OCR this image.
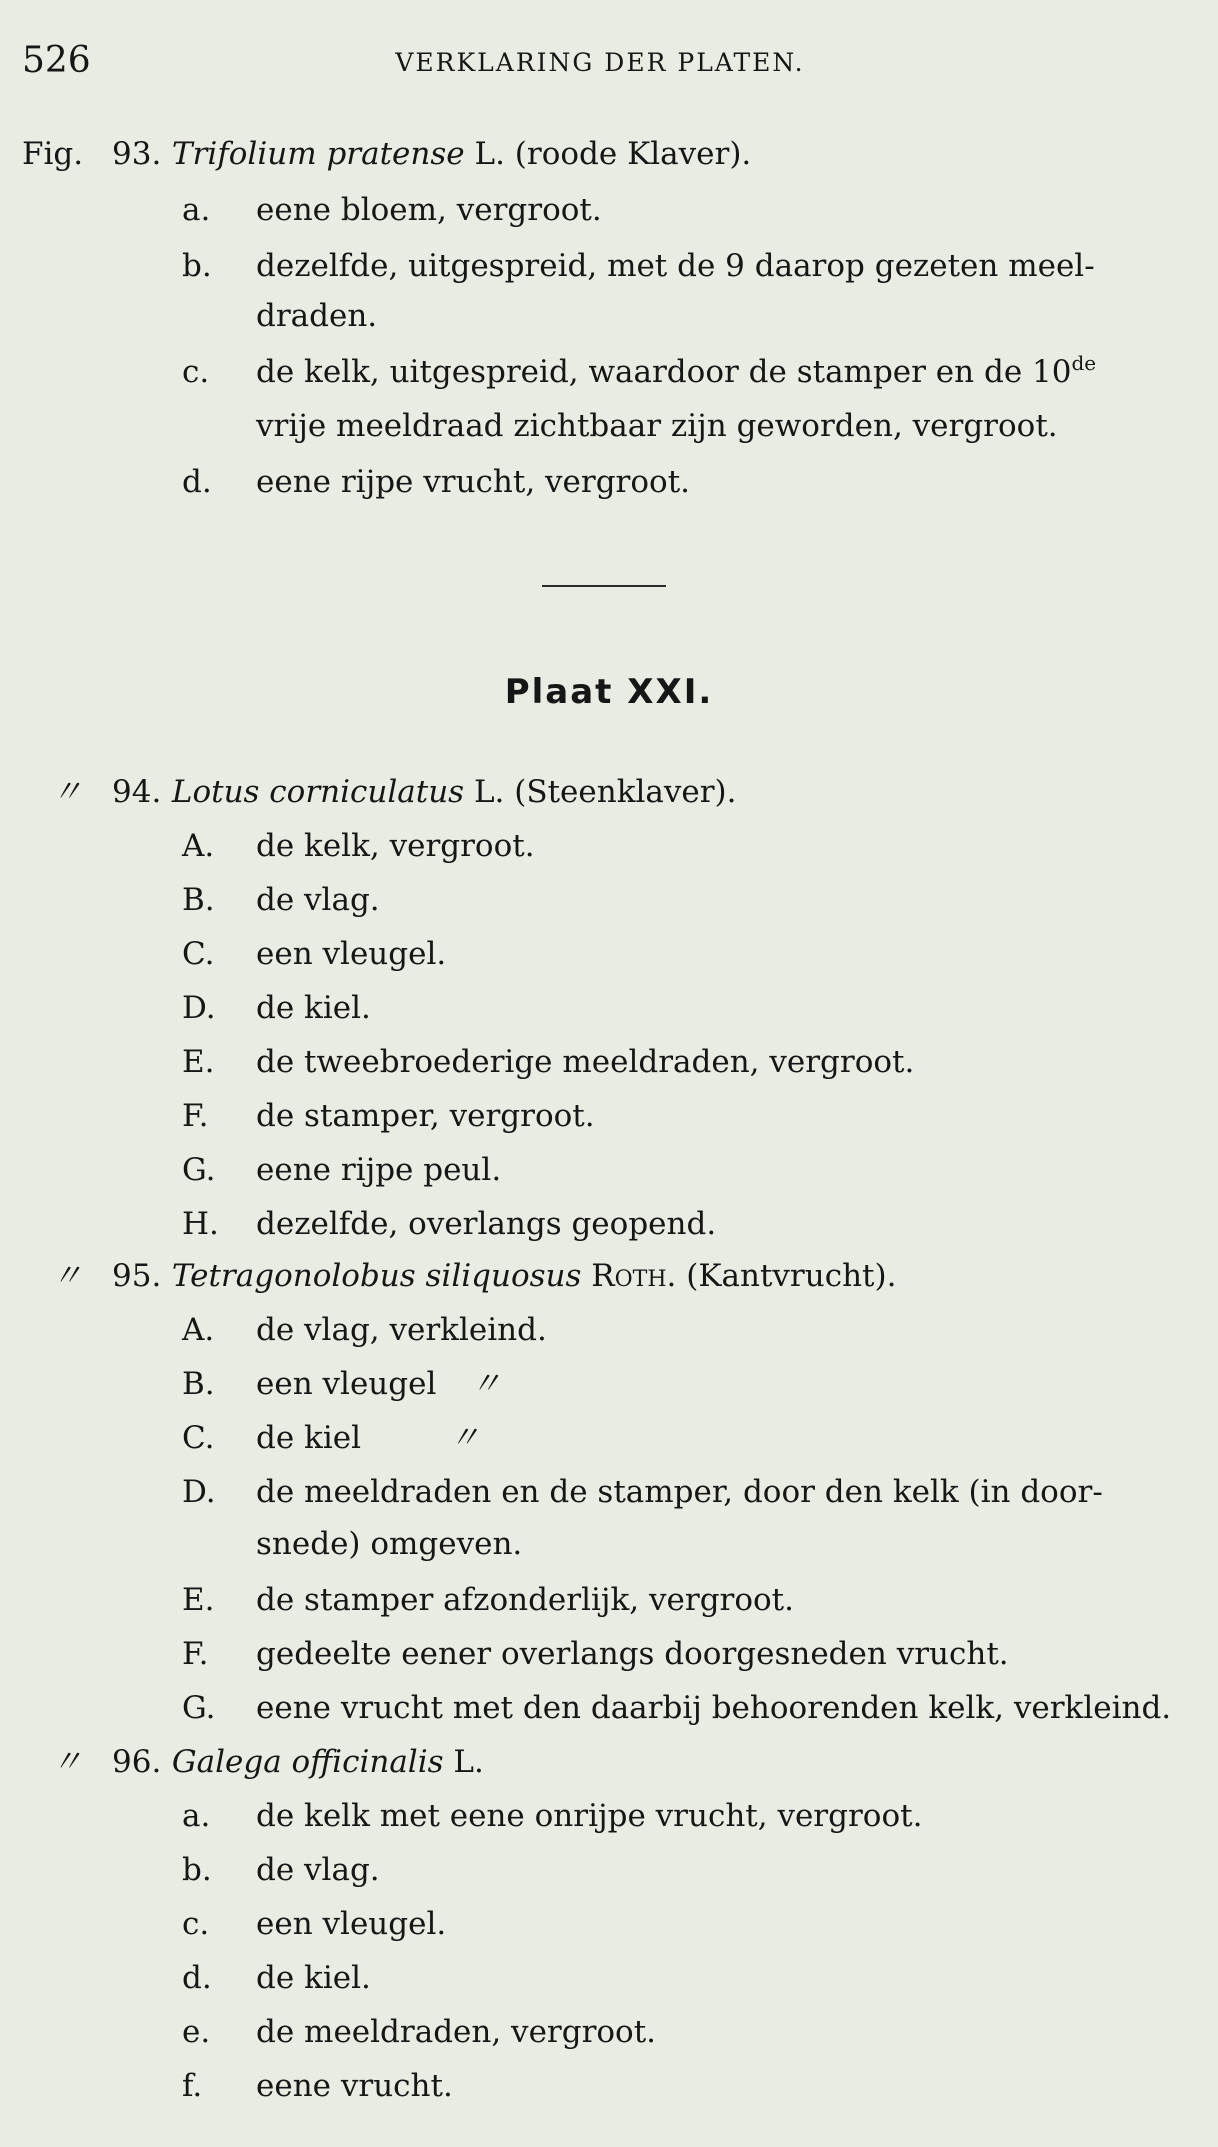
526	VERKLARING DER PLATEN.
Fig. 93. Trifolium pratense L. (roode Klaver).
a. eene bloem, vergroot.
b. dezelfde, uitgespreid, met de 9 daarop gezeten meel-
draden.
c. de kelk, uitgespreid, waardoor de stamper en de 10de
vrije meeldraad zichtbaar zijn geworden, vergroot.
d. eene rijpe vrucht, vergroot.
Plaat XXI.
〃 94. Lotus corniculatus L. (Steenklaver).
A. de kelk, vergroot.
B. de vlag.
C. een vleugel.
D. de kiel.
E. de tweebroederige meeldraden, vergroot.
F. de stamper, vergroot.
G. eene rijpe peul.
H. dezelfde, overlangs geopend.
〃 95. Tetragonolobus siliquosus Roth. (Kantvrucht).
A. de vlag, verkleind.
B. een vleugel 〃
C. de kiel	〃
D. de meeldraden en de stamper, door den kelk (in door-
snede) omgeven.
E. de stamper afzonderlijk, vergroot.
F. gedeelte eener overlangs doorgesneden vrucht.
G. eene vrucht met den daarbij behoorenden kelk, verkleind.
〃 96. Galega officinalis L.
a. de kelk met eene onrijpe vrucht, vergroot.
b. de vlag.
c. een vleugel.
d. de kiel.
e. de meeldraden, vergroot.
f. eene vrucht.
